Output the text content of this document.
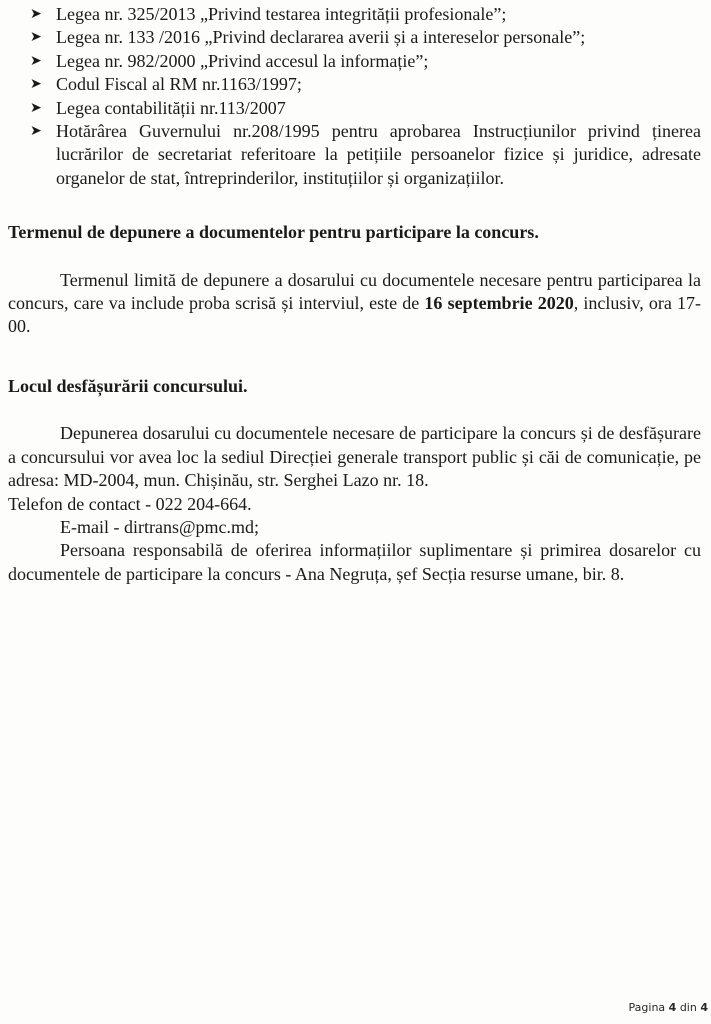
➤ Legea nr. 325/2013 „Privind testarea integrității profesionale”;
➤ Legea nr. 133 /2016 „Privind declararea averii și a intereselor personale”;
➤ Legea nr. 982/2000 „Privind accesul la informație”;
➤ Codul Fiscal al RM nr.1163/1997;
➤ Legea contabilității nr.113/2007
➤ Hotărârea Guvernului nr.208/1995 pentru aprobarea Instrucțiunilor privind ținerea lucrărilor de secretariat referitoare la petițiile persoanelor fizice și juridice, adresate organelor de stat, întreprinderilor, instituțiilor și organizațiilor.
Termenul de depunere a documentelor pentru participare la concurs.

Termenul limită de depunere a dosarului cu documentele necesare pentru participarea la concurs, care va include proba scrisă și interviul, este de 16 septembrie 2020, inclusiv, ora 17-00.

Locul desfășurării concursului.

Depunerea dosarului cu documentele necesare de participare la concurs și de desfășurare a concursului vor avea loc la sediul Direcției generale transport public și căi de comunicație, pe adresa: MD-2004, mun. Chișinău, str. Serghei Lazo nr. 18.

Telefon de contact - 022 204-664.

E-mail - dirtrans@pmc.md;

Persoana responsabilă de oferirea informațiilor suplimentare și primirea dosarelor cu documentele de participare la concurs - Ana Negruța, șef Secția resurse umane, bir. 8.

Pagina 4 din 4
